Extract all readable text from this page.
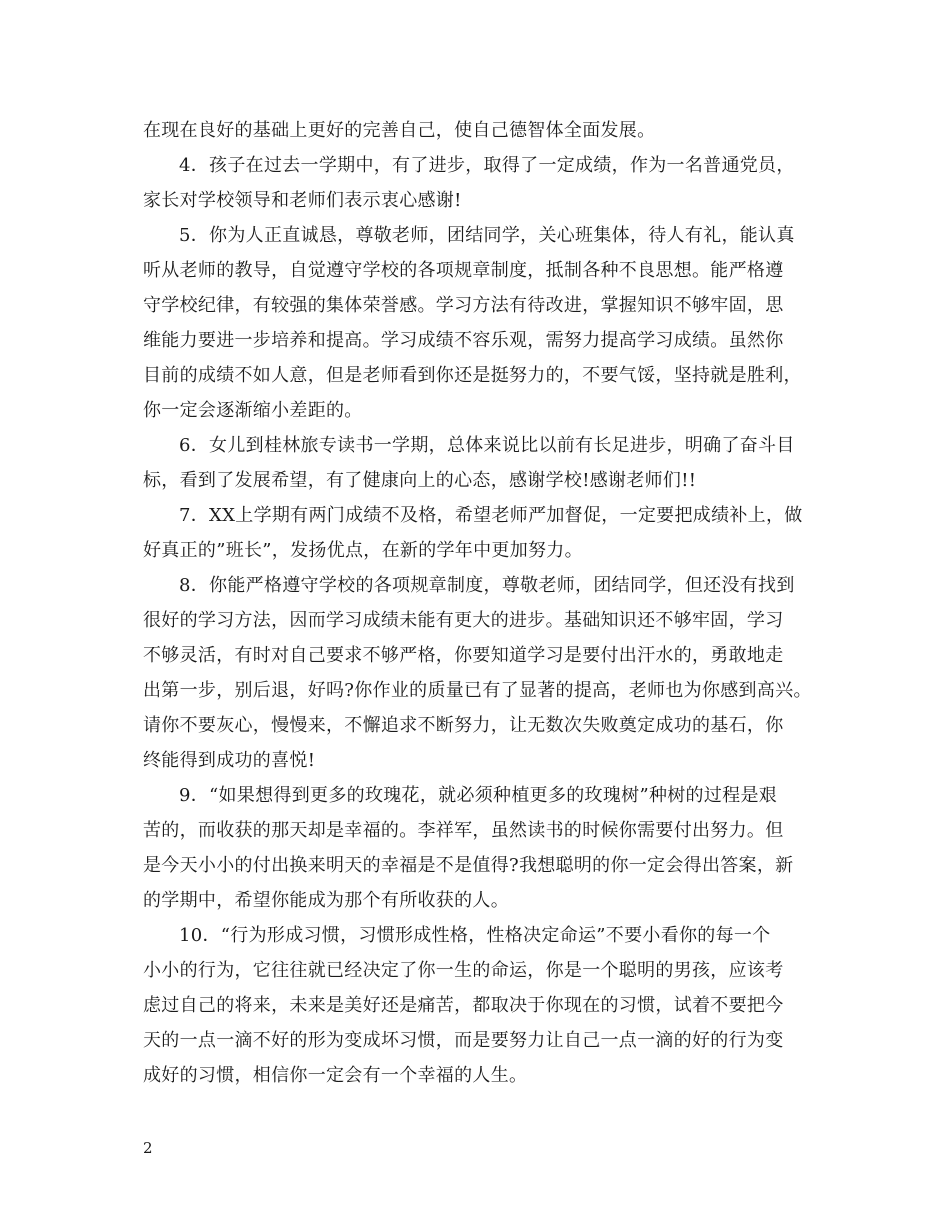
在现在良好的基础上更好的完善自己，使自己德智体全面发展。
4．孩子在过去一学期中，有了进步，取得了一定成绩，作为一名普通党员，
家长对学校领导和老师们表示衷心感谢!
5．你为人正直诚恳，尊敬老师，团结同学，关心班集体，待人有礼，能认真
听从老师的教导，自觉遵守学校的各项规章制度，抵制各种不良思想。能严格遵
守学校纪律，有较强的集体荣誉感。学习方法有待改进，掌握知识不够牢固，思
维能力要进一步培养和提高。学习成绩不容乐观，需努力提高学习成绩。虽然你
目前的成绩不如人意，但是老师看到你还是挺努力的，不要气馁，坚持就是胜利，
你一定会逐渐缩小差距的。
6．女儿到桂林旅专读书一学期，总体来说比以前有长足进步，明确了奋斗目
标，看到了发展希望，有了健康向上的心态，感谢学校!感谢老师们!!
7．XX上学期有两门成绩不及格，希望老师严加督促，一定要把成绩补上，做
好真正的”班长”，发扬优点，在新的学年中更加努力。
8．你能严格遵守学校的各项规章制度，尊敬老师，团结同学，但还没有找到
很好的学习方法，因而学习成绩未能有更大的进步。基础知识还不够牢固，学习
不够灵活，有时对自己要求不够严格，你要知道学习是要付出汗水的，勇敢地走
出第一步，别后退，好吗?你作业的质量已有了显著的提高，老师也为你感到高兴。
请你不要灰心，慢慢来，不懈追求不断努力，让无数次失败奠定成功的基石，你
终能得到成功的喜悦!
9．“如果想得到更多的玫瑰花，就必须种植更多的玫瑰树”种树的过程是艰
苦的，而收获的那天却是幸福的。李祥军，虽然读书的时候你需要付出努力。但
是今天小小的付出换来明天的幸福是不是值得?我想聪明的你一定会得出答案，新
的学期中，希望你能成为那个有所收获的人。
10．“行为形成习惯，习惯形成性格，性格决定命运”不要小看你的每一个
小小的行为，它往往就已经决定了你一生的命运，你是一个聪明的男孩，应该考
虑过自己的将来，未来是美好还是痛苦，都取决于你现在的习惯，试着不要把今
天的一点一滴不好的形为变成坏习惯，而是要努力让自己一点一滴的好的行为变
成好的习惯，相信你一定会有一个幸福的人生。
2
